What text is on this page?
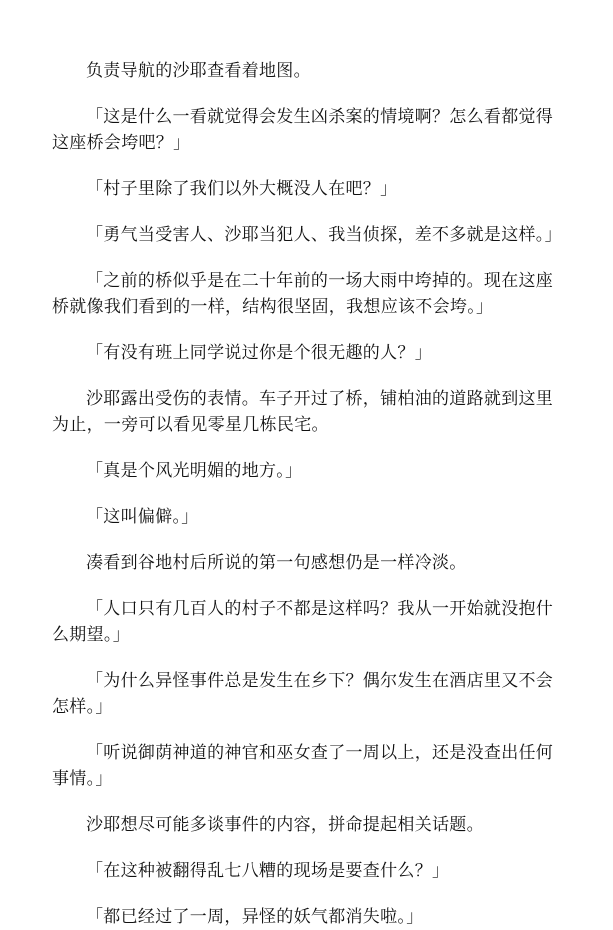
负责导航的沙耶查看着地图。

「这是什么一看就觉得会发生凶杀案的情境啊？怎么看都觉得这座桥会垮吧？」

「村子里除了我们以外大概没人在吧？」

「勇气当受害人、沙耶当犯人、我当侦探，差不多就是这样。」

「之前的桥似乎是在二十年前的一场大雨中垮掉的。现在这座桥就像我们看到的一样，结构很坚固，我想应该不会垮。」

「有没有班上同学说过你是个很无趣的人？」

沙耶露出受伤的表情。车子开过了桥，铺柏油的道路就到这里为止，一旁可以看见零星几栋民宅。

「真是个风光明媚的地方。」

「这叫偏僻。」

凑看到谷地村后所说的第一句感想仍是一样冷淡。

「人口只有几百人的村子不都是这样吗？我从一开始就没抱什么期望。」

「为什么异怪事件总是发生在乡下？偶尔发生在酒店里又不会怎样。」

「听说御荫神道的神官和巫女查了一周以上，还是没查出任何事情。」

沙耶想尽可能多谈事件的内容，拼命提起相关话题。

「在这种被翻得乱七八糟的现场是要查什么？」

「都已经过了一周，异怪的妖气都消失啦。」
